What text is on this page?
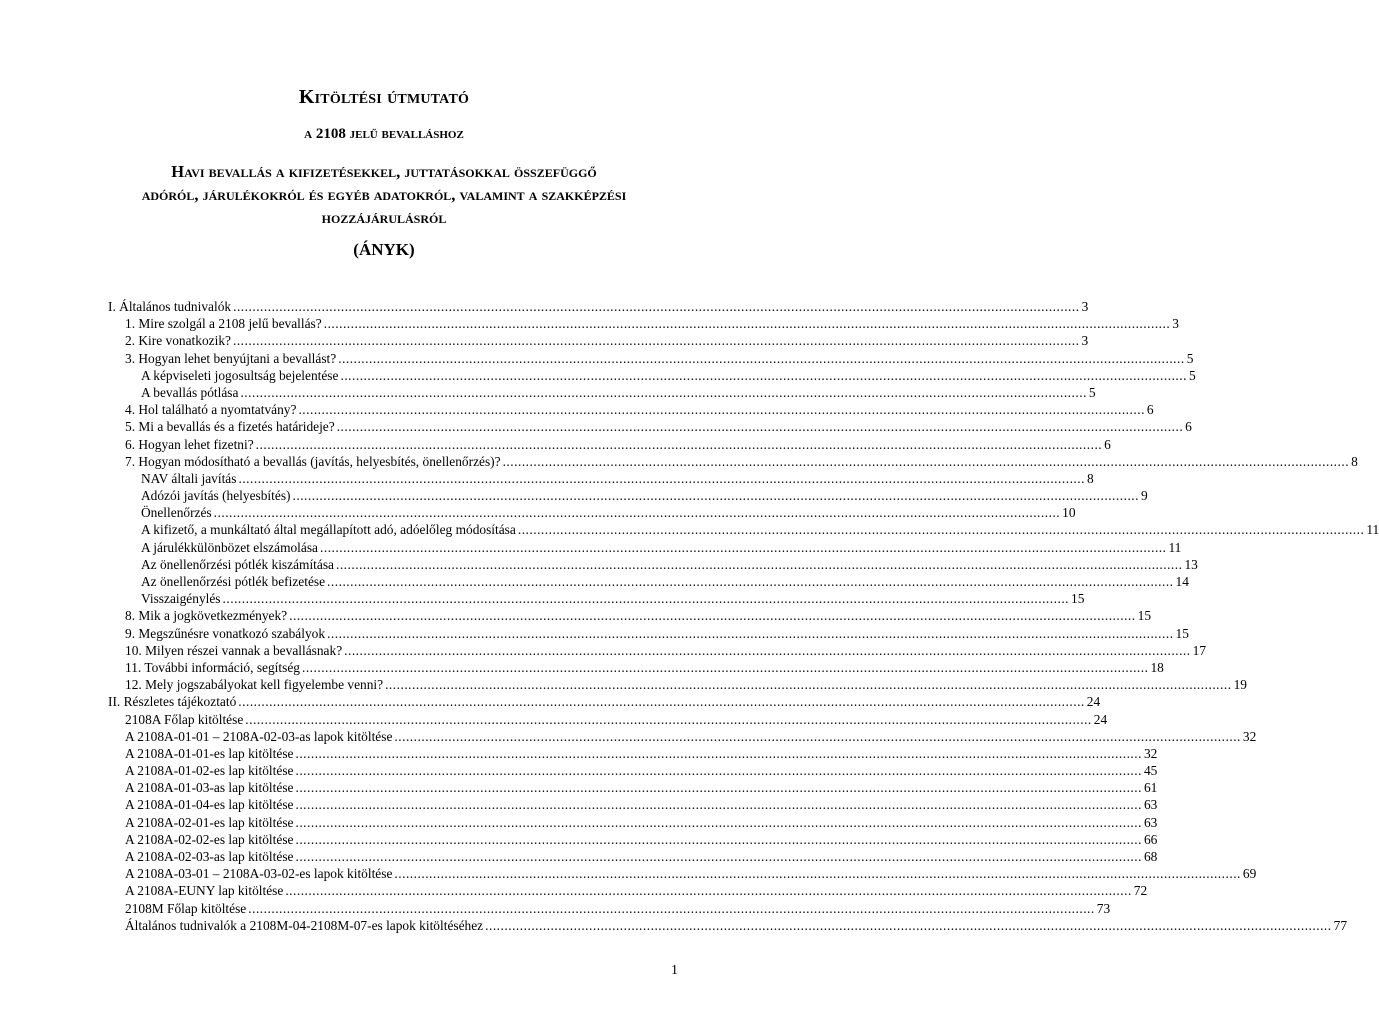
Kitöltési útmutató
a 2108 jelű bevalláshoz
Havi bevallás a kifizetésekkel, juttatásokkal összefüggő
adóról, járulékokról és egyéb adatokról, valamint a szakképzési
hozzájárulásról
(ÁNYK)
I. Általános tudnivalók ............................................................................................................................................................................................................................ 3
1. Mire szolgál a 2108 jelű bevallás? ............................................................................................................................................................................................................................ 3
2. Kire vonatkozik? ............................................................................................................................................................................................................................ 3
3. Hogyan lehet benyújtani a bevallást? ............................................................................................................................................................................................................................ 5
A képviseleti jogosultság bejelentése ............................................................................................................................................................................................................................ 5
A bevallás pótlása ............................................................................................................................................................................................................................ 5
4. Hol található a nyomtatvány? ............................................................................................................................................................................................................................ 6
5. Mi a bevallás és a fizetés határideje? ............................................................................................................................................................................................................................ 6
6. Hogyan lehet fizetni? ............................................................................................................................................................................................................................ 6
7. Hogyan módosítható a bevallás (javítás, helyesbítés, önellenőrzés)? ............................................................................................................................................................................................................................ 8
NAV általi javítás ............................................................................................................................................................................................................................ 8
Adózói javítás (helyesbítés) ............................................................................................................................................................................................................................ 9
Önellenőrzés ............................................................................................................................................................................................................................ 10
A kifizető, a munkáltató által megállapított adó, adóelőleg módosítása ............................................................................................................................................................................................................................ 11
A járulékkülönbözet elszámolása ............................................................................................................................................................................................................................ 11
Az önellenőrzési pótlék kiszámítása ............................................................................................................................................................................................................................ 13
Az önellenőrzési pótlék befizetése ............................................................................................................................................................................................................................ 14
Visszaigénylés ............................................................................................................................................................................................................................ 15
8. Mik a jogkövetkezmények? ............................................................................................................................................................................................................................ 15
9. Megszűnésre vonatkozó szabályok ............................................................................................................................................................................................................................ 15
10. Milyen részei vannak a bevallásnak? ............................................................................................................................................................................................................................ 17
11. További információ, segítség ............................................................................................................................................................................................................................ 18
12. Mely jogszabályokat kell figyelembe venni? ............................................................................................................................................................................................................................ 19
II. Részletes tájékoztató ............................................................................................................................................................................................................................ 24
2108A Főlap kitöltése ............................................................................................................................................................................................................................ 24
A 2108A-01-01 – 2108A-02-03-as lapok kitöltése ............................................................................................................................................................................................................................ 32
A 2108A-01-01-es lap kitöltése ............................................................................................................................................................................................................................ 32
A 2108A-01-02-es lap kitöltése ............................................................................................................................................................................................................................ 45
A 2108A-01-03-as lap kitöltése ............................................................................................................................................................................................................................ 61
A 2108A-01-04-es lap kitöltése ............................................................................................................................................................................................................................ 63
A 2108A-02-01-es lap kitöltése ............................................................................................................................................................................................................................ 63
A 2108A-02-02-es lap kitöltése ............................................................................................................................................................................................................................ 66
A 2108A-02-03-as lap kitöltése ............................................................................................................................................................................................................................ 68
A 2108A-03-01 – 2108A-03-02-es lapok kitöltése ............................................................................................................................................................................................................................ 69
A 2108A-EUNY lap kitöltése ............................................................................................................................................................................................................................ 72
2108M Főlap kitöltése ............................................................................................................................................................................................................................ 73
Általános tudnivalók a 2108M-04-2108M-07-es lapok kitöltéséhez ............................................................................................................................................................................................................................ 77
1
